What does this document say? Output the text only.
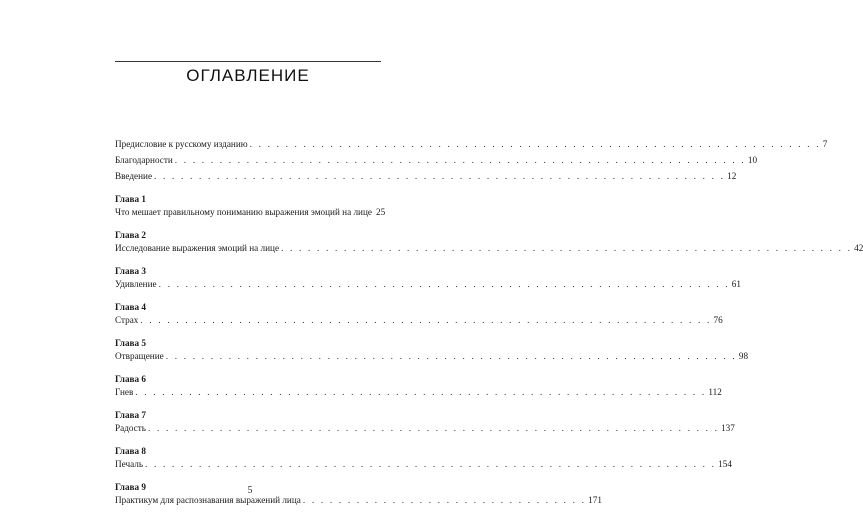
ОГЛАВЛЕНИЕ
Предисловие к русскому изданию . . . . . . . . . . . . . . . . . . . . . . . . . . . . . . . . . . . . . . . . . . . . . . . . . . . . . . . . . . . . . . . . 7
Благодарности . . . . . . . . . . . . . . . . . . . . . . . . . . . . . . . . . . . . . . . . . . . . . . . . . . . . . . . . . . . . . . . . 10
Введение . . . . . . . . . . . . . . . . . . . . . . . . . . . . . . . . . . . . . . . . . . . . . . . . . . . . . . . . . . . . . . . . 12
Глава 1
Что мешает правильному пониманию выражения эмоций на лице 25
Глава 2
Исследование выражения эмоций на лице . . . . . . . . . . . . . . . . . . . . . . . . . . . . . . . . . . . . . . . . . . . . . . . . . . . . . . . . . . . . . . . . 42
Глава 3
Удивление . . . . . . . . . . . . . . . . . . . . . . . . . . . . . . . . . . . . . . . . . . . . . . . . . . . . . . . . . . . . . . . . 61
Глава 4
Страх . . . . . . . . . . . . . . . . . . . . . . . . . . . . . . . . . . . . . . . . . . . . . . . . . . . . . . . . . . . . . . . . 76
Глава 5
Отвращение . . . . . . . . . . . . . . . . . . . . . . . . . . . . . . . . . . . . . . . . . . . . . . . . . . . . . . . . . . . . . . . . 98
Глава 6
Гнев . . . . . . . . . . . . . . . . . . . . . . . . . . . . . . . . . . . . . . . . . . . . . . . . . . . . . . . . . . . . . . . . 112
Глава 7
Радость . . . . . . . . . . . . . . . . . . . . . . . . . . . . . . . . . . . . . . . . . . . . . . . . . . . . . . . . . . . . . . . . 137
Глава 8
Печаль . . . . . . . . . . . . . . . . . . . . . . . . . . . . . . . . . . . . . . . . . . . . . . . . . . . . . . . . . . . . . . . . 154
Глава 9
Практикум для распознавания выражений лица . . . . . . . . . . . . . . . . . . . . . . . . . . . . . . . . 171
5
